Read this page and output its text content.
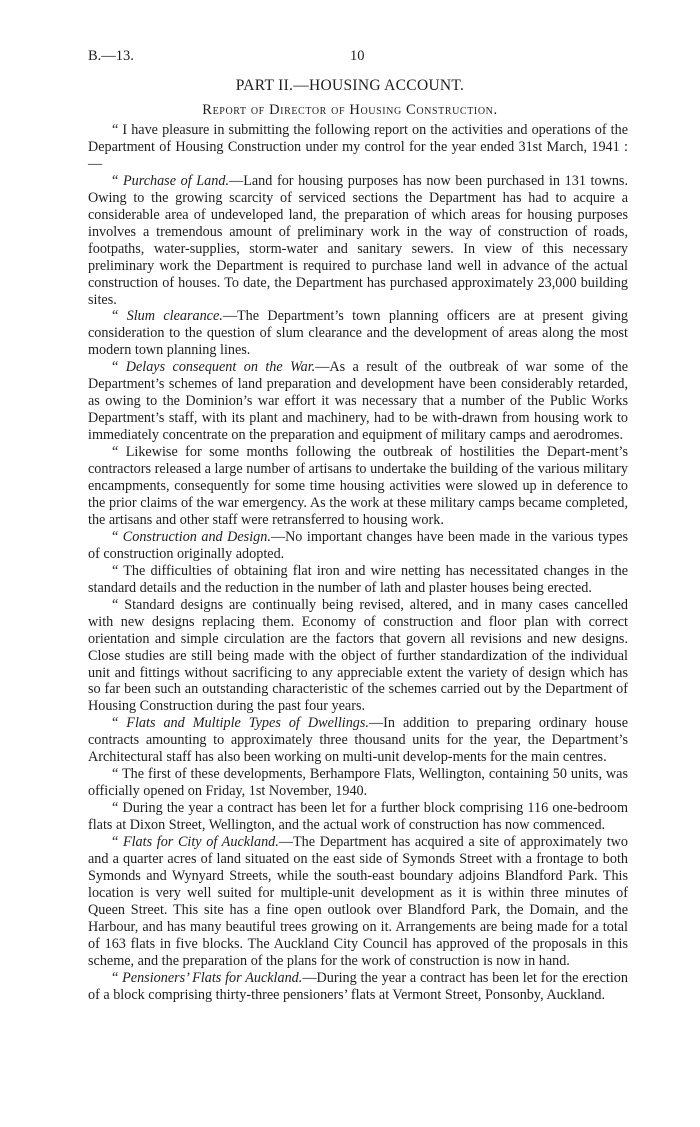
B.—13.	10
PART II.—HOUSING ACCOUNT.
Report of Director of Housing Construction.

“ I have pleasure in submitting the following report on the activities and operations of the Department of Housing Construction under my control for the year ended 31st March, 1941 :—

“ Purchase of Land.—Land for housing purposes has now been purchased in 131 towns. Owing to the growing scarcity of serviced sections the Department has had to acquire a considerable area of undeveloped land, the preparation of which areas for housing purposes involves a tremendous amount of preliminary work in the way of construction of roads, footpaths, water-supplies, storm-water and sanitary sewers. In view of this necessary preliminary work the Department is required to purchase land well in advance of the actual construction of houses. To date, the Department has purchased approximately 23,000 building sites.

“ Slum clearance.—The Department’s town planning officers are at present giving consideration to the question of slum clearance and the development of areas along the most modern town planning lines.

“ Delays consequent on the War.—As a result of the outbreak of war some of the Department’s schemes of land preparation and development have been considerably retarded, as owing to the Dominion’s war effort it was necessary that a number of the Public Works Department’s staff, with its plant and machinery, had to be with-drawn from housing work to immediately concentrate on the preparation and equipment of military camps and aerodromes.

“ Likewise for some months following the outbreak of hostilities the Depart-ment’s contractors released a large number of artisans to undertake the building of the various military encampments, consequently for some time housing activities were slowed up in deference to the prior claims of the war emergency. As the work at these military camps became completed, the artisans and other staff were retransferred to housing work.

“ Construction and Design.—No important changes have been made in the various types of construction originally adopted.

“ The difficulties of obtaining flat iron and wire netting has necessitated changes in the standard details and the reduction in the number of lath and plaster houses being erected.

“ Standard designs are continually being revised, altered, and in many cases cancelled with new designs replacing them. Economy of construction and floor plan with correct orientation and simple circulation are the factors that govern all revisions and new designs. Close studies are still being made with the object of further standardization of the individual unit and fittings without sacrificing to any appreciable extent the variety of design which has so far been such an outstanding characteristic of the schemes carried out by the Department of Housing Construction during the past four years.

“ Flats and Multiple Types of Dwellings.—In addition to preparing ordinary house contracts amounting to approximately three thousand units for the year, the Department’s Architectural staff has also been working on multi-unit develop-ments for the main centres.

“ The first of these developments, Berhampore Flats, Wellington, containing 50 units, was officially opened on Friday, 1st November, 1940.

“ During the year a contract has been let for a further block comprising 116 one-bedroom flats at Dixon Street, Wellington, and the actual work of construction has now commenced.

“ Flats for City of Auckland.—The Department has acquired a site of approximately two and a quarter acres of land situated on the east side of Symonds Street with a frontage to both Symonds and Wynyard Streets, while the south-east boundary adjoins Blandford Park. This location is very well suited for multiple-unit development as it is within three minutes of Queen Street. This site has a fine open outlook over Blandford Park, the Domain, and the Harbour, and has many beautiful trees growing on it. Arrangements are being made for a total of 163 flats in five blocks. The Auckland City Council has approved of the proposals in this scheme, and the preparation of the plans for the work of construction is now in hand.

“ Pensioners’ Flats for Auckland.—During the year a contract has been let for the erection of a block comprising thirty-three pensioners’ flats at Vermont Street, Ponsonby, Auckland.
